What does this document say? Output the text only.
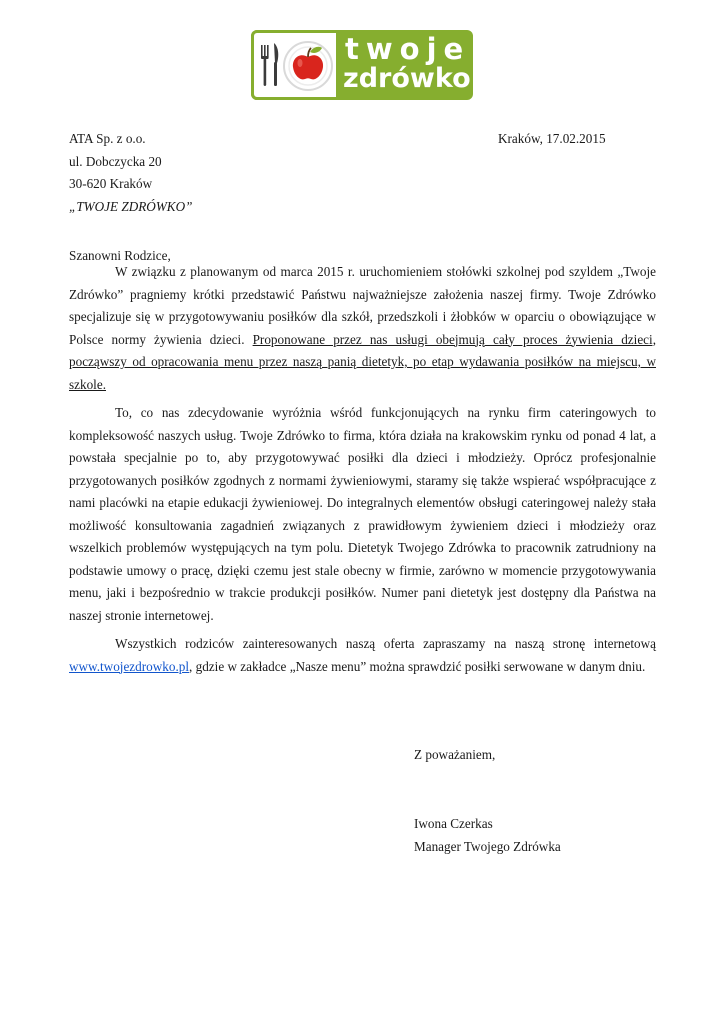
twoje
zdrówko
ATA Sp. z o.o.
ul. Dobczycka 20
30-620 Kraków
„TWOJE ZDRÓWKO”
Kraków, 17.02.2015
Szanowni Rodzice,

W związku z planowanym od marca 2015 r. uruchomieniem stołówki szkolnej pod szyldem „Twoje Zdrówko” pragniemy krótki przedstawić Państwu najważniejsze założenia naszej firmy. Twoje Zdrówko specjalizuje się w przygotowywaniu posiłków dla szkół, przedszkoli i żłobków w oparciu o obowiązujące w Polsce normy żywienia dzieci. Proponowane przez nas usługi obejmują cały proces żywienia dzieci, począwszy od opracowania menu przez naszą panią dietetyk, po etap wydawania posiłków na miejscu, w szkole.

To, co nas zdecydowanie wyróżnia wśród funkcjonujących na rynku firm cateringowych to kompleksowość naszych usług. Twoje Zdrówko to firma, która działa na krakowskim rynku od ponad 4 lat, a powstała specjalnie po to, aby przygotowywać posiłki dla dzieci i młodzieży. Oprócz profesjonalnie przygotowanych posiłków zgodnych z normami żywieniowymi, staramy się także wspierać współpracujące z nami placówki na etapie edukacji żywieniowej. Do integralnych elementów obsługi cateringowej należy stała możliwość konsultowania zagadnień związanych z prawidłowym żywieniem dzieci i młodzieży oraz wszelkich problemów występujących na tym polu. Dietetyk Twojego Zdrówka to pracownik zatrudniony na podstawie umowy o pracę, dzięki czemu jest stale obecny w firmie, zarówno w momencie przygotowywania menu, jaki i bezpośrednio w trakcie produkcji posiłków. Numer pani dietetyk jest dostępny dla Państwa na naszej stronie internetowej.

Wszystkich rodziców zainteresowanych naszą oferta zapraszamy na naszą stronę internetową www.twojezdrowko.pl, gdzie w zakładce „Nasze menu” można sprawdzić posiłki serwowane w danym dniu.

Z poważaniem,
Iwona Czerkas
Manager Twojego Zdrówka
